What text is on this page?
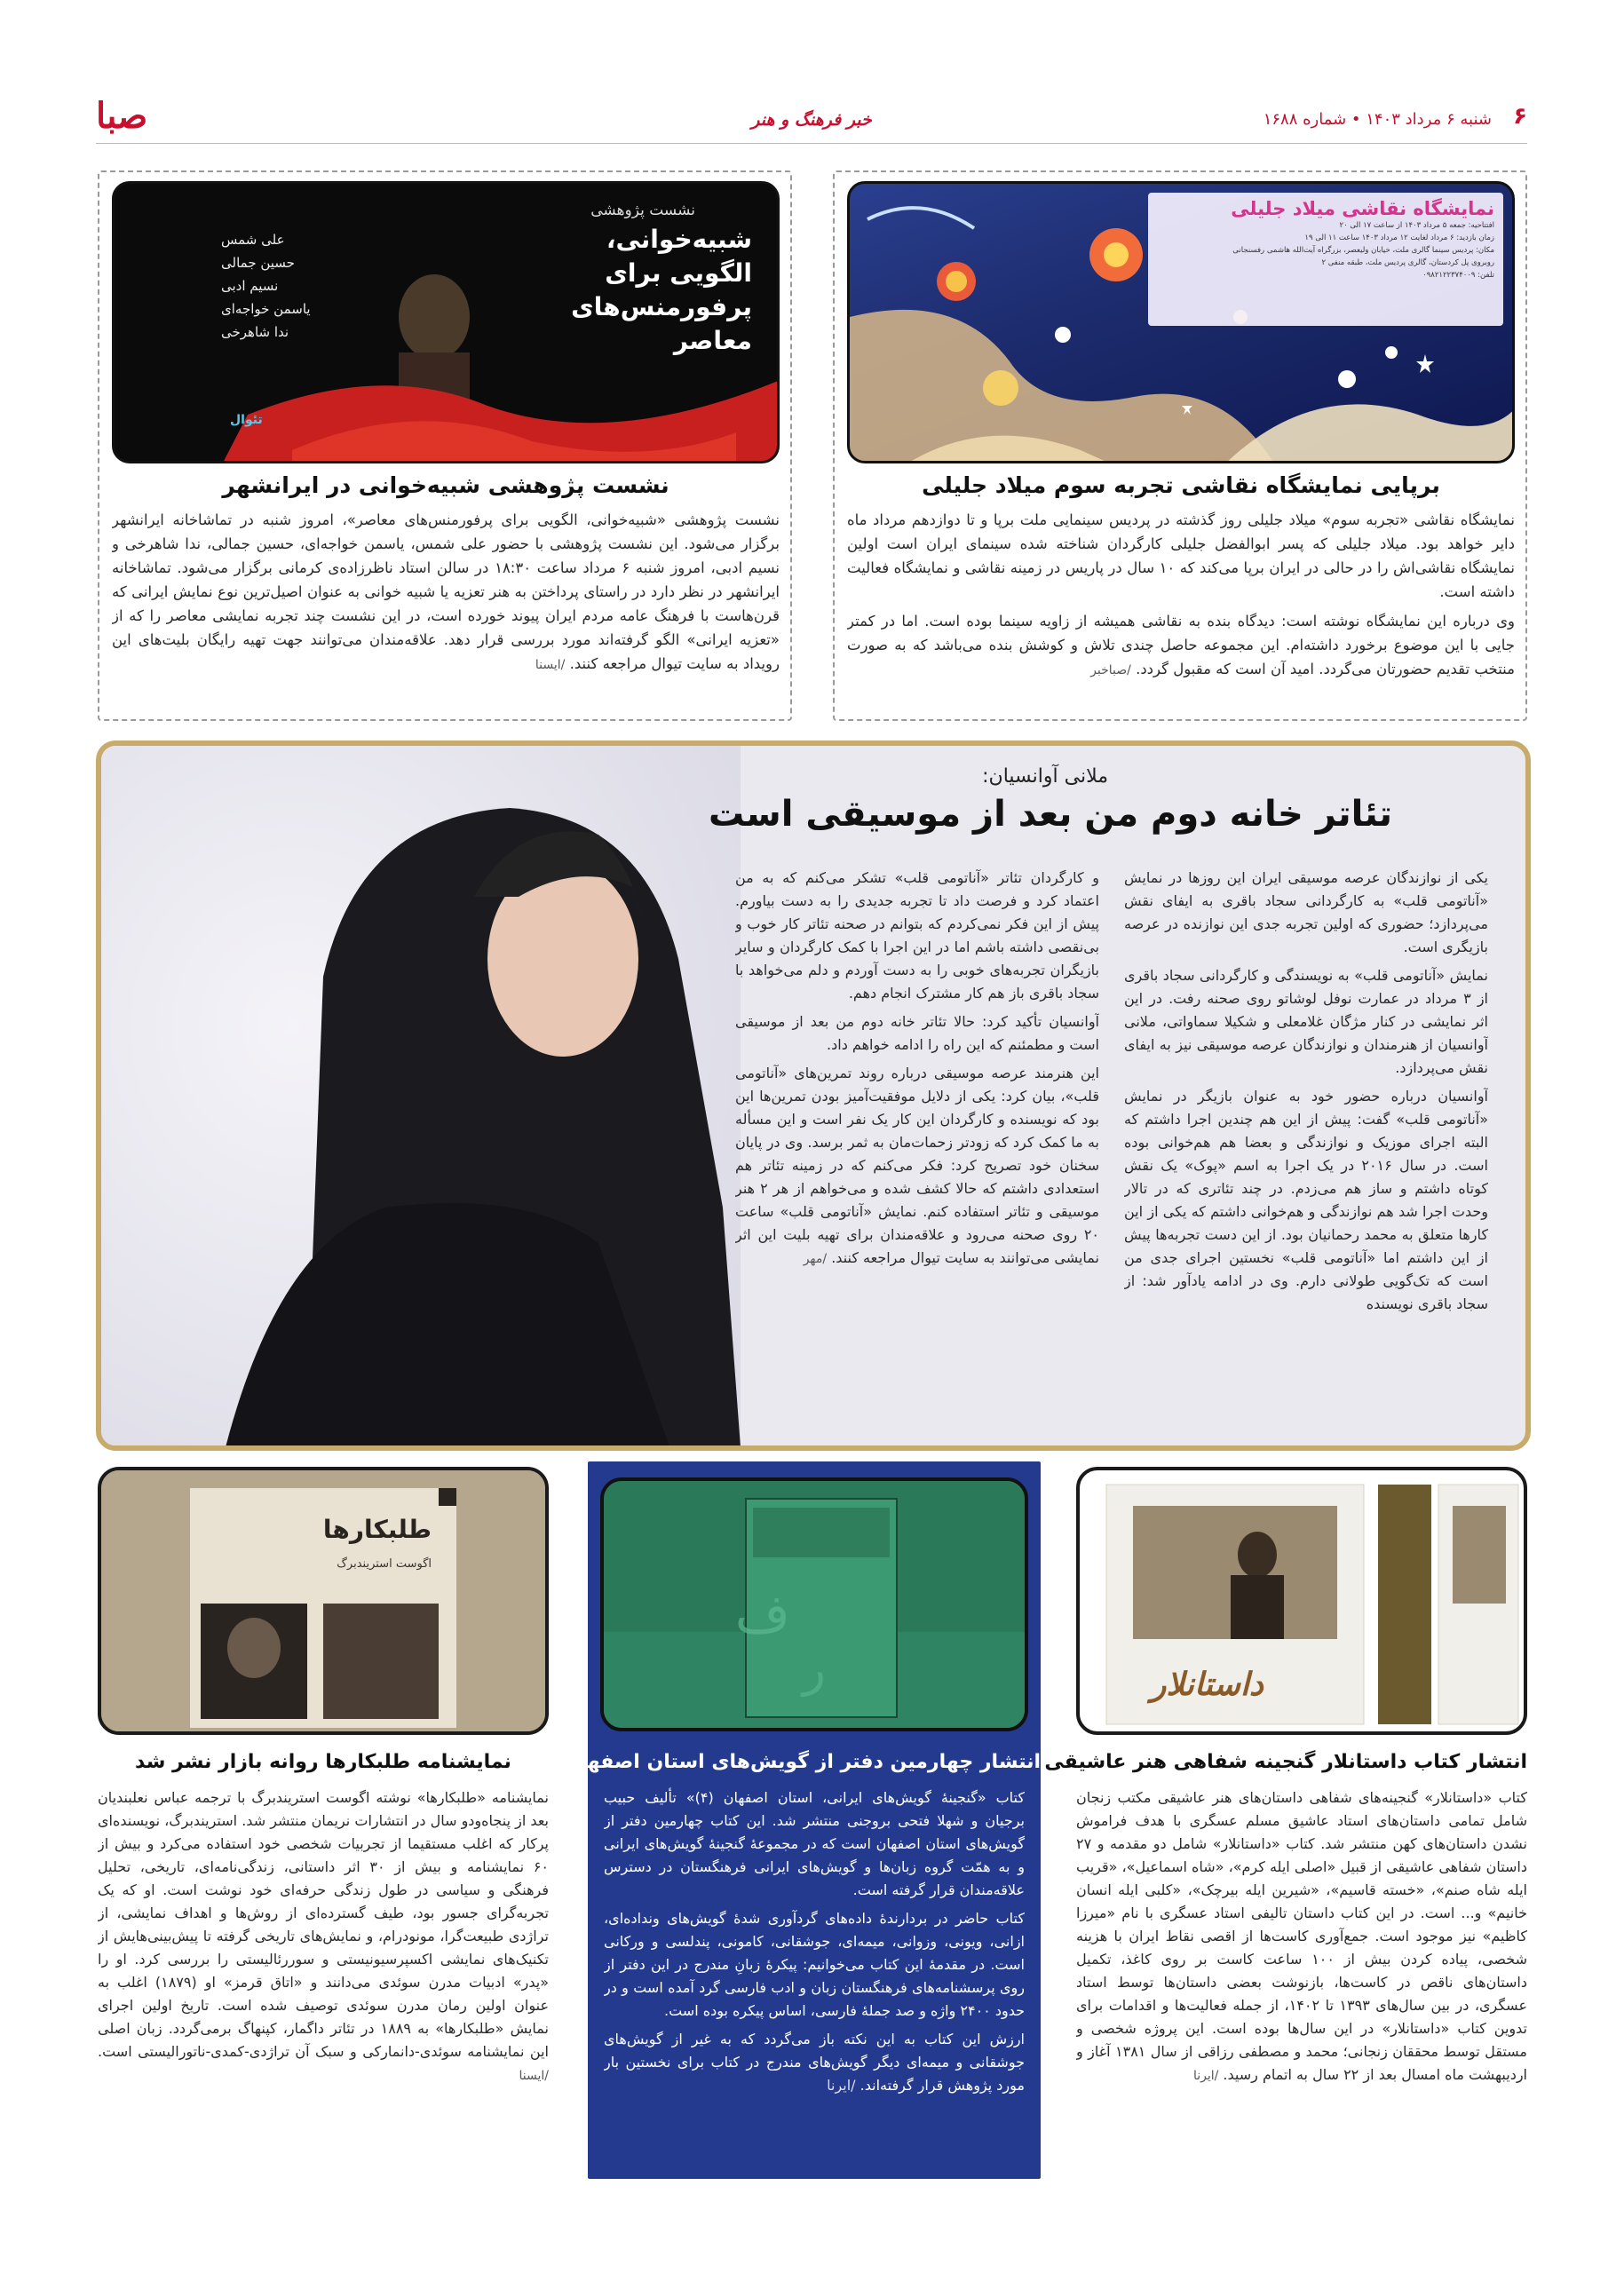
۶
شنبه ۶ مرداد ۱۴۰۳ • شماره ۱۶۸۸
خبر فرهنگ و هنر
صبا
نمایشگاه نقاشی میلاد جلیلی
افتتاحیه: جمعه ۵ مرداد ۱۴۰۳ از ساعت ۱۷ الی ۲۰
زمان بازدید: ۶ مرداد لغایت ۱۲ مرداد ۱۴۰۳ ساعت ۱۱ الی ۱۹
مکان: پردیس سینما گالری ملت، خیابان ولیعصر، بزرگراه آیت‌الله هاشمی رفسنجانی
روبروی پل کردستان، گالری پردیس ملت، طبقه منفی ۲
تلفن: ۰۹۸۲۱۲۲۳۷۴۰۰۹
برپایی نمایشگاه نقاشی تجربه سوم میلاد جلیلی

نمایشگاه نقاشی «تجربه سوم» میلاد جلیلی روز گذشته در پردیس سینمایی ملت برپا و تا دوازدهم مرداد ماه دایر خواهد بود. میلاد جلیلی که پسر ابوالفضل جلیلی کارگردان شناخته شده سینمای ایران است اولین نمایشگاه نقاشی‌اش را در حالی در ایران برپا می‌کند که ۱۰ سال در پاریس در زمینه نقاشی و نمایشگاه فعالیت داشته است.

وی درباره این نمایشگاه نوشته است: دیدگاه بنده به نقاشی همیشه از زاویه سینما بوده است. اما در کمتر جایی با این موضوع برخورد داشته‌ام. این مجموعه حاصل چندی تلاش و کوشش بنده می‌باشد که به صورت منتخب تقدیم حضورتان می‌گردد. امید آن است که مقبول گردد. /صباخبر

نشست پژوهشی
شبیه‌خوانی، الگویی برای پرفورمنس‌های معاصر
علی شمس
حسین جمالی
نسیم ادبی
یاسمن خواجه‌ای
ندا شاهرخی
تئوال
نشست پژوهشی شبیه‌خوانی در ایرانشهر

نشست پژوهشی «شبیه‌خوانی، الگویی برای پرفورمنس‌های معاصر»، امروز شنبه در تماشاخانه ایرانشهر برگزار می‌شود. این نشست پژوهشی با حضور علی شمس، یاسمن خواجه‌ای، حسین جمالی، ندا شاهرخی و نسیم ادبی، امروز شنبه ۶ مرداد ساعت ۱۸:۳۰ در سالن استاد ناظرزاده‌ی کرمانی برگزار می‌شود. تماشاخانه ایرانشهر در نظر دارد در راستای پرداختن به هنر تعزیه یا شبیه خوانی به عنوان اصیل‌ترین نوع نمایش ایرانی که قرن‌هاست با فرهنگ عامه مردم ایران پیوند خورده است، در این نشست چند تجربه نمایشی معاصر را که از «تعزیه ایرانی» الگو گرفته‌اند مورد بررسی قرار دهد. علاقه‌مندان می‌توانند جهت تهیه رایگان بلیت‌های این رویداد به سایت تیوال مراجعه کنند. /ایسنا

ملانی آوانسیان:
تئاتر خانه دوم من بعد از موسیقی است

یکی از نوازندگان عرصه موسیقی ایران این روزها در نمایش «آناتومی قلب» به کارگردانی سجاد باقری به ایفای نقش می‌پردازد؛ حضوری که اولین تجربه جدی این نوازنده در عرصه بازیگری است.

نمایش «آناتومی قلب» به نویسندگی و کارگردانی سجاد باقری از ۳ مرداد در عمارت نوفل لوشاتو روی صحنه رفت. در این اثر نمایشی در کنار مژگان غلامعلی و شکیلا سماواتی، ملانی آوانسیان از هنرمندان و نوازندگان عرصه موسیقی نیز به ایفای نقش می‌پردازد.

آوانسیان درباره حضور خود به عنوان بازیگر در نمایش «آناتومی قلب» گفت: پیش از این هم چندین اجرا داشتم که البته اجرای موزیک و نوازندگی و بعضا هم هم‌خوانی بوده است. در سال ۲۰۱۶ در یک اجرا به اسم «پوک» یک نقش کوتاه داشتم و ساز هم می‌زدم. در چند تئاتری که در تالار وحدت اجرا شد هم نوازندگی و هم‌خوانی داشتم که یکی از این کارها متعلق به محمد رحمانیان بود. از این دست تجربه‌ها پیش از این داشتم اما «آناتومی قلب» نخستین اجرای جدی من است که تک‌گویی طولانی دارم. وی در ادامه یادآور شد: از سجاد باقری نویسنده

و کارگردان تئاتر «آناتومی قلب» تشکر می‌کنم که به من اعتماد کرد و فرصت داد تا تجربه جدیدی را به دست بیاورم. پیش از این فکر نمی‌کردم که بتوانم در صحنه تئاتر کار خوب و بی‌نقصی داشته باشم اما در این اجرا با کمک کارگردان و سایر بازیگران تجربه‌های خوبی را به دست آوردم و دلم می‌خواهد با سجاد باقری باز هم کار مشترک انجام دهم.

آوانسیان تأکید کرد: حالا تئاتر خانه دوم من بعد از موسیقی است و مطمئنم که این راه را ادامه خواهم داد.

این هنرمند عرصه موسیقی درباره روند تمرین‌های «آناتومی قلب»، بیان کرد: یکی از دلایل موفقیت‌آمیز بودن تمرین‌ها این بود که نویسنده و کارگردان این کار یک نفر است و این مسأله به ما کمک کرد که زودتر زحمات‌مان به ثمر برسد. وی در پایان سخنان خود تصریح کرد: فکر می‌کنم که در زمینه تئاتر هم استعدادی داشتم که حالا کشف شده و می‌خواهم از هر ۲ هنر موسیقی و تئاتر استفاده کنم. نمایش «آناتومی قلب» ساعت ۲۰ روی صحنه می‌رود و علاقه‌مندان برای تهیه بلیت این اثر نمایشی می‌توانند به سایت تیوال مراجعه کنند. /مهر

داستانلار
انتشار کتاب داستانلار گنجینه شفاهی هنر عاشیقی

کتاب «داستانلار» گنجینه‌های شفاهی داستان‌های هنر عاشیقی مکتب زنجان شامل تمامی داستان‌های استاد عاشیق مسلم عسگری با هدف فراموش نشدن داستان‌های کهن منتشر شد. کتاب «داستانلار» شامل دو مقدمه و ۲۷ داستان شفاهی عاشیقی از قبیل «اصلی ایله کرم»، «شاه اسماعیل»، «قریب ایله شاه صنم»، «خسته قاسیم»، «شیرین ایله بیرچک»، «کلبی ایله انسان خانیم» و... است. در این کتاب داستان تالیفی استاد عسگری با نام «میرزا کاظیم» نیز موجود است. جمع‌آوری کاست‌ها از اقصی نقاط ایران با هزینه شخصی، پیاده کردن بیش از ۱۰۰ ساعت کاست بر روی کاغذ، تکمیل داستان‌های ناقص در کاست‌ها، بازنوشت بعضی داستان‌ها توسط استاد عسگری، در بین سال‌های ۱۳۹۳ تا ۱۴۰۲، از جمله فعالیت‌ها و اقدامات برای تدوین کتاب «داستانلار» در این سال‌ها بوده است. این پروژه شخصی و مستقل توسط محققان زنجانی؛ محمد و مصطفی رزاقی از سال ۱۳۸۱ آغاز و اردیبهشت ماه امسال بعد از ۲۲ سال به اتمام رسید. /ایرنا

ف
ر
انتشار چهارمین دفتر از گویش‌های استان اصفهان

کتاب «گنجینهٔ گویش‌های ایرانی، استان اصفهان (۴)» تألیف حبیب برجیان و شهلا فتحی بروجنی منتشر شد. این کتاب چهارمین دفتر از گویش‌های استان اصفهان است که در مجموعهٔ گنجینهٔ گویش‌های ایرانی و به همّت گروه زبان‌ها و گویش‌های ایرانی فرهنگستان در دسترس علاقه‌مندان قرار گرفته است.

کتاب حاضر در بردارندهٔ داده‌های گردآوری شدهٔ گویش‌های ونداده‌ای، ازانی، ویونی، وزوانی، میمه‌ای، جوشقانی، کامونی، پندلسی و ورکانی است. در مقدمهٔ این کتاب می‌خوانیم: پیکرهٔ زبانِ مندرج در این دفتر از روی پرسشنامه‌های فرهنگستان زبان و ادب فارسی گرد آمده است و در حدود ۲۴۰۰ واژه و صد جملهٔ فارسی، اساس پیکره بوده است.

ارزش این کتاب به این نکته باز می‌گردد که به غیر از گویش‌های جوشقانی و میمه‌ای دیگر گویش‌های مندرج در کتاب برای نخستین بار مورد پژوهش قرار گرفته‌اند. /ایرنا

طلبکارها
اگوست استریندبرگ
نمایشنامه طلبکارها روانه بازار نشر شد

نمایشنامه «طلبکارها» نوشته اگوست استریندبرگ با ترجمه عباس نعلبندیان بعد از پنجاه‌ودو سال در انتشارات نریمان منتشر شد. استریندبرگ، نویسنده‌ای پرکار که اغلب مستقیما از تجربیات شخصی خود استفاده می‌کرد و بیش از ۶۰ نمایشنامه و بیش از ۳۰ اثر داستانی، زندگی‌نامه‌ای، تاریخی، تحلیل فرهنگی و سیاسی در طول زندگی حرفه‌ای خود نوشت است. او که یک تجربه‌گرای جسور بود، طیف گسترده‌ای از روش‌ها و اهداف نمایشی، از تراژدی طبیعت‌گرا، مونودرام، و نمایش‌های تاریخی گرفته تا پیش‌بینی‌هایش از تکنیک‌های نمایشی اکسپرسیونیستی و سوررئالیستی را بررسی کرد. او را «پدر» ادبیات مدرن سوئدی می‌دانند و «اتاق قرمز» او (۱۸۷۹) اغلب به عنوان اولین رمان مدرن سوئدی توصیف شده است. تاریخ اولین اجرای نمایش «طلبکارها» به ۱۸۸۹ در تئاتر داگمار، کپنهاگ برمی‌گردد. زبان اصلی این نمایشنامه سوئدی-دانمارکی و سبک آن تراژدی-کمدی-ناتورالیستی است. /ایسنا
